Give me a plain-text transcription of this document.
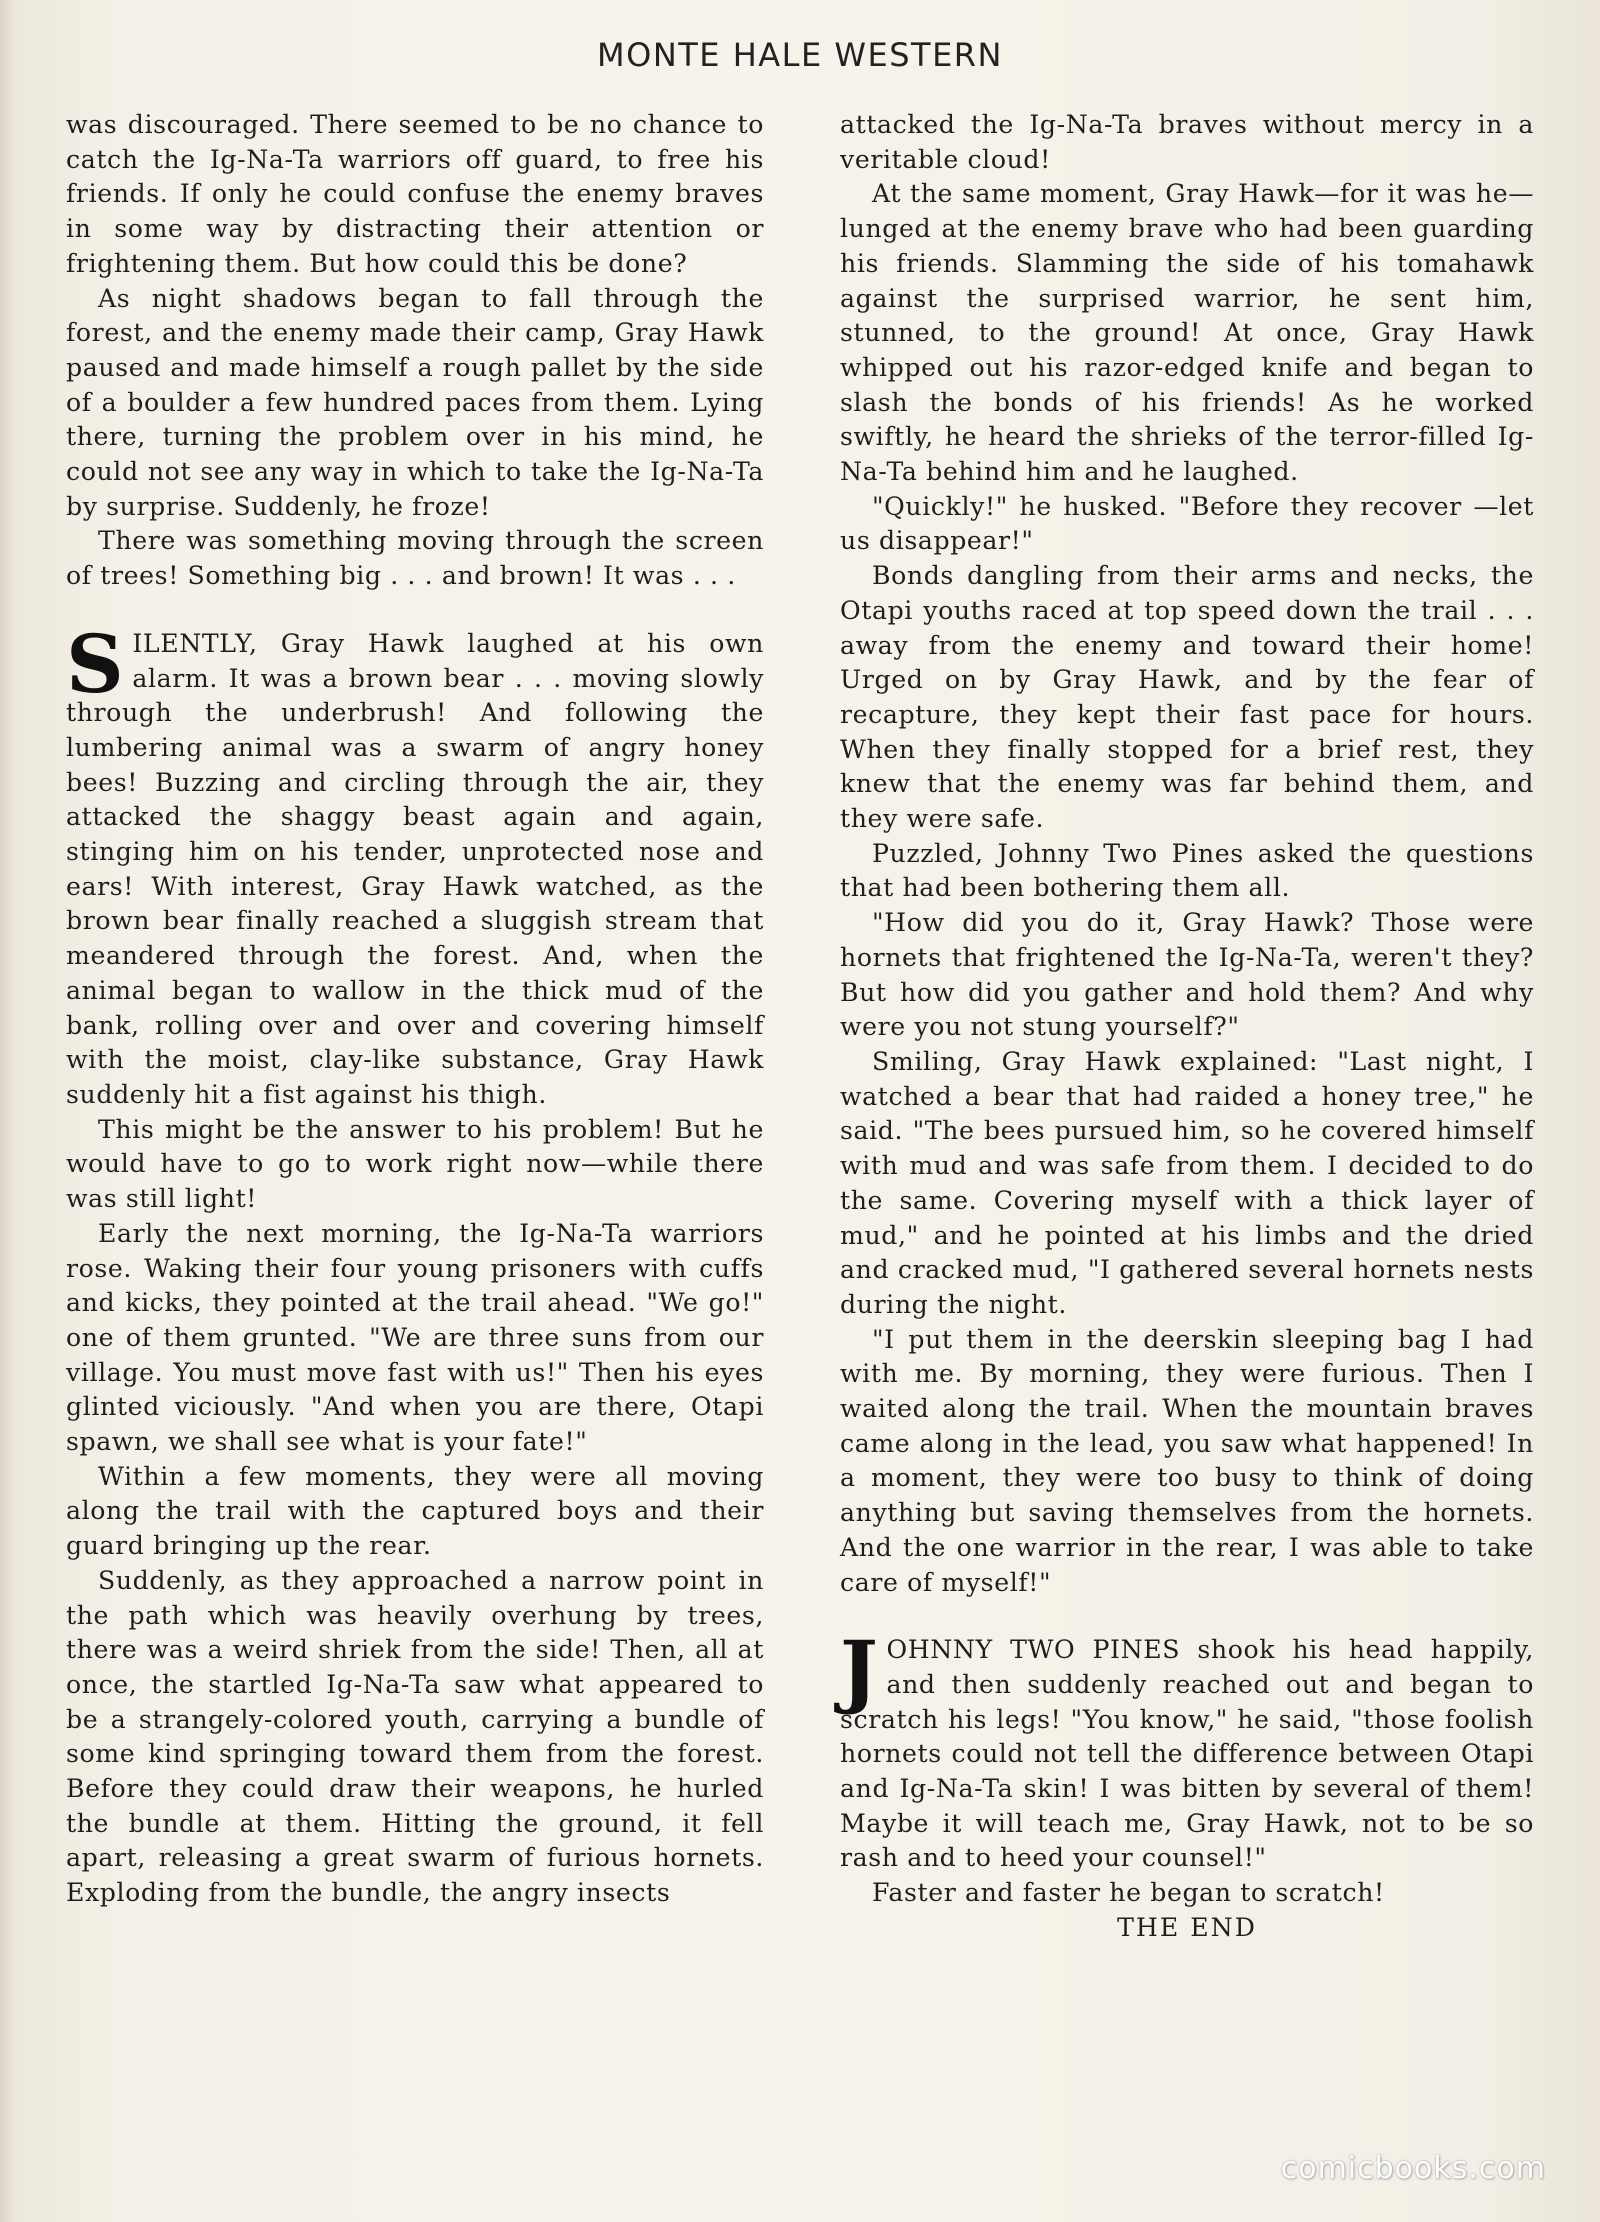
MONTE HALE WESTERN

was discouraged. There seemed to be no chance to catch the Ig-Na-Ta warriors off guard, to free his friends. If only he could confuse the enemy braves in some way by distracting their attention or frightening them. But how could this be done?

As night shadows began to fall through the forest, and the enemy made their camp, Gray Hawk paused and made himself a rough pallet by the side of a boulder a few hundred paces from them. Lying there, turning the problem over in his mind, he could not see any way in which to take the Ig-Na-Ta by surprise. Suddenly, he froze!

There was something moving through the screen of trees! Something big . . . and brown! It was . . .

SILENTLY, Gray Hawk laughed at his own alarm. It was a brown bear . . . moving slowly through the underbrush! And following the lumbering animal was a swarm of angry honey bees! Buzzing and circling through the air, they attacked the shaggy beast again and again, stinging him on his tender, unprotected nose and ears! With interest, Gray Hawk watched, as the brown bear finally reached a sluggish stream that meandered through the forest. And, when the animal began to wallow in the thick mud of the bank, rolling over and over and covering himself with the moist, clay-like substance, Gray Hawk suddenly hit a fist against his thigh.

This might be the answer to his problem! But he would have to go to work right now—while there was still light!

Early the next morning, the Ig-Na-Ta warriors rose. Waking their four young prisoners with cuffs and kicks, they pointed at the trail ahead. "We go!" one of them grunted. "We are three suns from our village. You must move fast with us!" Then his eyes glinted viciously. "And when you are there, Otapi spawn, we shall see what is your fate!"

Within a few moments, they were all moving along the trail with the captured boys and their guard bringing up the rear.

Suddenly, as they approached a narrow point in the path which was heavily overhung by trees, there was a weird shriek from the side! Then, all at once, the startled Ig-Na-Ta saw what appeared to be a strangely-colored youth, carrying a bundle of some kind springing toward them from the forest. Before they could draw their weapons, he hurled the bundle at them. Hitting the ground, it fell apart, releasing a great swarm of furious hornets. Exploding from the bundle, the angry insects

attacked the Ig-Na-Ta braves without mercy in a veritable cloud!

At the same moment, Gray Hawk—for it was he—lunged at the enemy brave who had been guarding his friends. Slamming the side of his tomahawk against the surprised warrior, he sent him, stunned, to the ground! At once, Gray Hawk whipped out his razor-edged knife and began to slash the bonds of his friends! As he worked swiftly, he heard the shrieks of the terror-filled Ig-Na-Ta behind him and he laughed.

"Quickly!" he husked. "Before they recover —let us disappear!"

Bonds dangling from their arms and necks, the Otapi youths raced at top speed down the trail . . . away from the enemy and toward their home! Urged on by Gray Hawk, and by the fear of recapture, they kept their fast pace for hours. When they finally stopped for a brief rest, they knew that the enemy was far behind them, and they were safe.

Puzzled, Johnny Two Pines asked the questions that had been bothering them all.

"How did you do it, Gray Hawk? Those were hornets that frightened the Ig-Na-Ta, weren't they? But how did you gather and hold them? And why were you not stung yourself?"

Smiling, Gray Hawk explained: "Last night, I watched a bear that had raided a honey tree," he said. "The bees pursued him, so he covered himself with mud and was safe from them. I decided to do the same. Covering myself with a thick layer of mud," and he pointed at his limbs and the dried and cracked mud, "I gathered several hornets nests during the night.

"I put them in the deerskin sleeping bag I had with me. By morning, they were furious. Then I waited along the trail. When the mountain braves came along in the lead, you saw what happened! In a moment, they were too busy to think of doing anything but saving themselves from the hornets. And the one warrior in the rear, I was able to take care of myself!"

JOHNNY TWO PINES shook his head happily, and then suddenly reached out and began to scratch his legs! "You know," he said, "those foolish hornets could not tell the difference between Otapi and Ig-Na-Ta skin! I was bitten by several of them! Maybe it will teach me, Gray Hawk, not to be so rash and to heed your counsel!"

Faster and faster he began to scratch!

THE END

comicbooks.com
